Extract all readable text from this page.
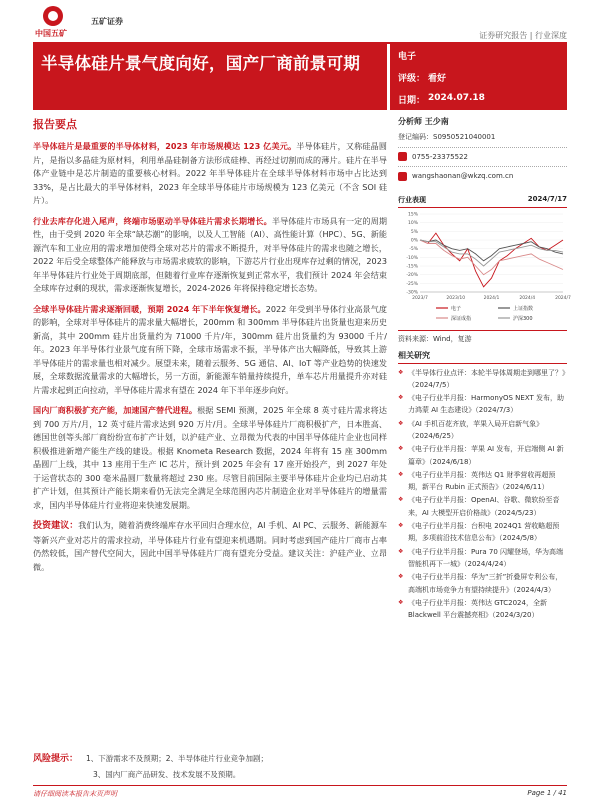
中国五矿
五矿证券
证券研究报告 | 行业深度
半导体硅片景气度向好，国产厂商前景可期	电子
评级： 看好
日期： 2024.07.18
报告要点

半导体硅片是最重要的半导体材料，2023 年市场规模达 123 亿美元。半导体硅片，又称硅晶圆片，是指以多晶硅为原材料，利用单晶硅制备方法形成硅棒、再经过切割而成的薄片。硅片在半导体产业链中是芯片制造的重要核心材料。2022 年半导体硅片在全球半导体材料市场中占比达到 33%，是占比最大的半导体材料，2023 年全球半导体硅片市场规模为 123 亿美元（不含 SOI 硅片）。

行业去库存化进入尾声，终端市场驱动半导体硅片需求长期增长。半导体硅片市场具有一定的周期性，由于受到 2020 年全球“缺芯潮”的影响，以及人工智能（AI）、高性能计算（HPC）、5G、新能源汽车和工业应用的需求增加使得全球对芯片的需求不断提升，对半导体硅片的需求也随之增长，2022 年后受全球整体产能释放与市场需求疲软的影响，下游芯片行业出现库存过剩的情况，2023 年半导体硅片行业处于周期底部，但随着行业库存逐渐恢复到正常水平，我们预计 2024 年会结束全球库存过剩的现状，需求逐渐恢复增长，2024-2026 年将保持稳定增长态势。

全球半导体硅片需求逐渐回暖，预期 2024 年下半年恢复增长。2022 年受到半导体行业高景气度的影响，全球对半导体硅片的需求量大幅增长，200mm 和 300mm 半导体硅片出货量也迎来历史新高，其中 200mm 硅片出货量约为 71000 千片/年，300mm 硅片出货量约为 93000 千片/年。2023 年半导体行业景气度有所下降，全球市场需求不振，半导体产出大幅降低，导致其上游半导体硅片的需求量也相对减少。展望未来，随着云服务、5G 通信、AI、IoT 等产业趋势的快速发展，全球数据流量需求的大幅增长，另一方面，新能源车销量持续提升，单车芯片用量提升亦对硅片需求起到正向拉动，半导体硅片需求有望在 2024 年下半年逐步向好。

国内厂商积极扩充产能，加速国产替代进程。根据 SEMI 预测，2025 年全球 8 英寸硅片需求将达到 700 万片/月，12 英寸硅片需求达到 920 万片/月。全球半导体硅片厂商积极扩产，日本胜高、德国世创等头部厂商纷纷宣布扩产计划，以沪硅产业、立昂微为代表的中国半导体硅片企业也同样积极推进新增产能生产线的建设。根据 Knometa Research 数据，2024 年将有 15 座 300mm 晶圆厂上线，其中 13 座用于生产 IC 芯片，预计到 2025 年会有 17 座开始投产，到 2027 年处于运营状态的 300 毫米晶圆厂数量将超过 230 座。尽管目前国际主要半导体硅片企业均已启动其扩产计划，但其预计产能长期来看仍无法完全满足全球范围内芯片制造企业对半导体硅片的增量需求，国内半导体硅片行业将迎来快速发展期。

投资建议：我们认为，随着消费终端库存水平回归合理水位，AI 手机、AI PC、云服务、新能源车等新兴产业对芯片的需求拉动，半导体硅片行业有望迎来机遇期。同时考虑到国产硅片厂商市占率仍然较低，国产替代空间大，因此中国半导体硅片厂商有望充分受益。建议关注：沪硅产业、立昂微。

分析师 王少南
登记编码：S0950521040001
0755-23375522
wangshaonan@wkzq.com.cn
行业表现	2024/7/17
15%
10%
5%
0%
-5%
-10%
-15%
-20%
-25%
-30%
2023/7	2023/10	2024/1	2024/4	2024/7
电子	上证指数
深证成指	沪深300
资料来源：Wind，复游
相关研究
❖ 《半导体行业点评：本轮半导体周期走到哪里了？》（2024/7/5）
❖ 《电子行业半月报：HarmonyOS NEXT 发布，助力鸿蒙 AI 生态建设》（2024/7/3）
❖ 《AI 手机百花齐放，苹果入局开启新气象》（2024/6/25）
❖ 《电子行业半月报：苹果 AI 发布，开启端侧 AI 新篇章》（2024/6/18）
❖ 《电子行业半月报：英伟达 Q1 财季营收再超预期，新平台 Rubin 正式预告》（2024/6/11）
❖ 《电子行业半月报：OpenAI、谷歌、微软纷至沓来，AI 大模型开启价格战》（2024/5/23）
❖ 《电子行业半月报：台积电 2024Q1 营收略超预期，多项前沿技术信息公布》（2024/5/8）
❖ 《电子行业半月报：Pura 70 闪耀登场，华为高端智能机再下一城》（2024/4/24）
❖ 《电子行业半月报：华为“三折”折叠屏专利公布，高端机市场竞争力有望持续提升》（2024/4/3）
❖ 《电子行业半月报：英伟达 GTC2024，全新 Blackwell 平台震撼亮相》（2024/3/20）
风险提示： 1、下游需求不及预期；2、半导体硅片行业竞争加剧；
3、国内厂商产品研发、技术发展不及预期。
请仔细阅读本报告末页声明	Page 1 / 41
